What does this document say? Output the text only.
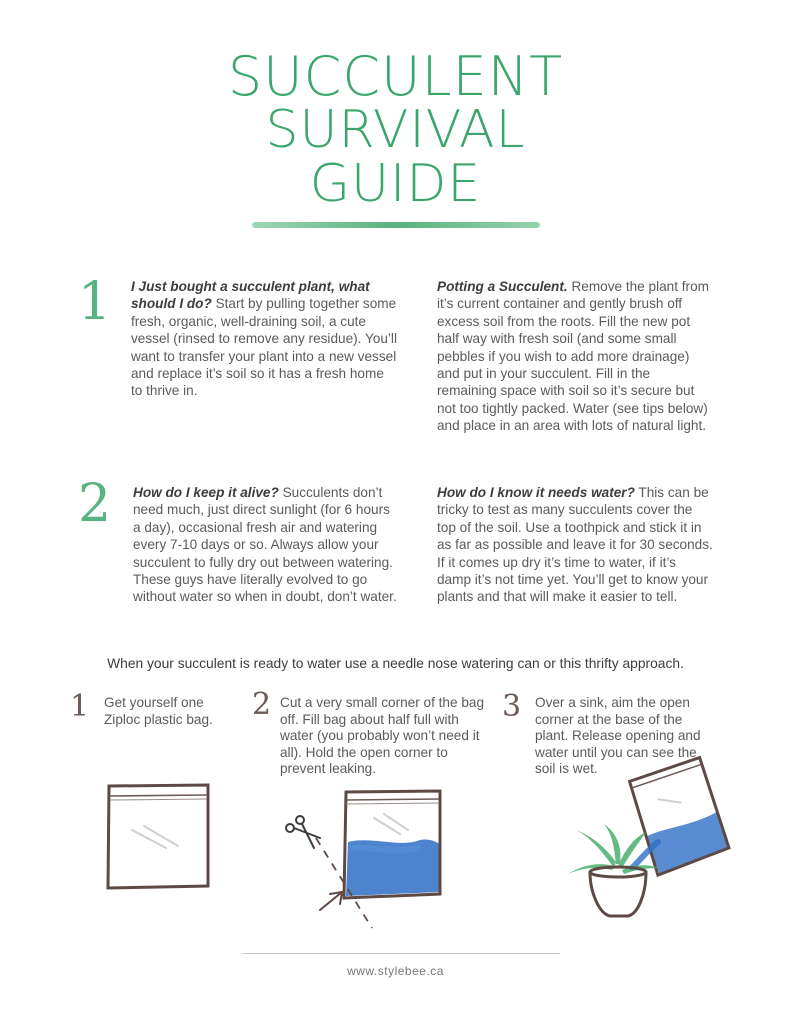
SUCCULENT
SURVIVAL
GUIDE
1 I Just bought a succulent plant, what should I do? Start by pulling together some fresh, organic, well-draining soil, a cute vessel (rinsed to remove any residue). You’ll want to transfer your plant into a new vessel and replace it’s soil so it has a fresh home to thrive in.
Potting a Succulent. Remove the plant from it’s current container and gently brush off excess soil from the roots. Fill the new pot half way with fresh soil (and some small pebbles if you wish to add more drainage) and put in your succulent. Fill in the remaining space with soil so it’s secure but not too tightly packed. Water (see tips below) and place in an area with lots of natural light.
2 How do I keep it alive? Succulents don’t need much, just direct sunlight (for 6 hours a day), occasional fresh air and watering every 7-10 days or so. Always allow your succulent to fully dry out between watering. These guys have literally evolved to go without water so when in doubt, don’t water.
How do I know it needs water? This can be tricky to test as many succulents cover the top of the soil. Use a toothpick and stick it in as far as possible and leave it for 30 seconds. If it comes up dry it’s time to water, if it’s damp it’s not time yet. You’ll get to know your plants and that will make it easier to tell.
When your succulent is ready to water use a needle nose watering can or this thrifty approach.
1 Get yourself one Ziploc plastic bag.	2 Cut a very small corner of the bag off. Fill bag about half full with water (you probably won’t need it all). Hold the open corner to prevent leaking.
3 Over a sink, aim the open corner at the base of the plant. Release opening and water until you can see the soil is wet.
www.stylebee.ca
